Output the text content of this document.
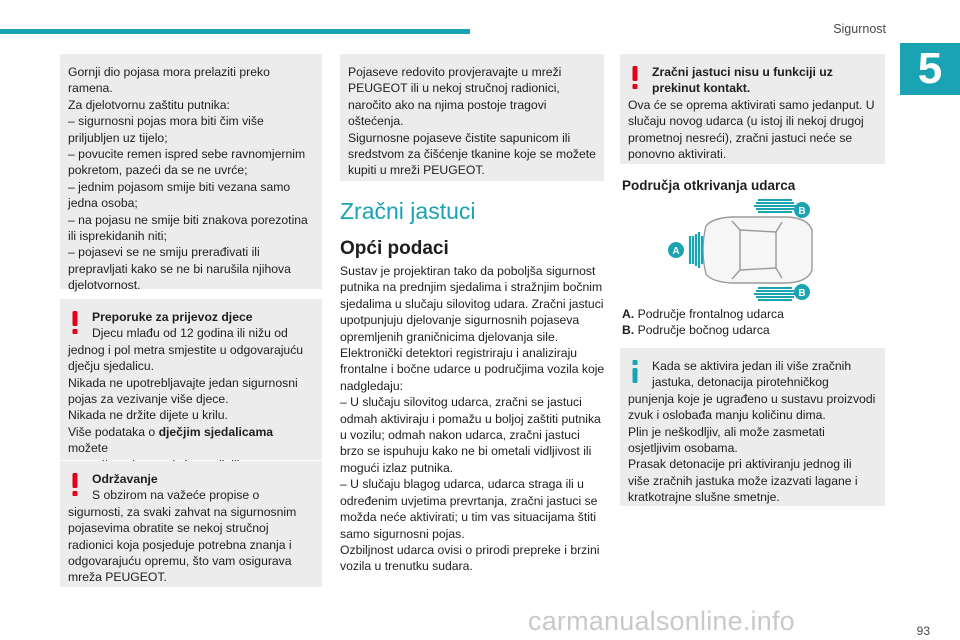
Sigurnost
5

Gornji dio pojasa mora prelaziti preko

ramena.

Za djelotvornu zaštitu putnika:

– sigurnosni pojas mora biti čim više

priljubljen uz tijelo;

– povucite remen ispred sebe ravnomjernim

pokretom, pazeći da se ne uvrće;

– jednim pojasom smije biti vezana samo

jedna osoba;

– na pojasu ne smije biti znakova porezotina

ili isprekidanih niti;

– pojasevi se ne smiju prerađivati ili

prepravljati kako se ne bi narušila njihova

djelotvornost.

Preporuke za prijevoz djece

Djecu mlađu od 12 godina ili nižu od

jednog i pol metra smjestite u odgovarajuću

dječju sjedalicu.

Nikada ne upotrebljavajte jedan sigurnosni

pojas za vezivanje više djece.

Nikada ne držite dijete u krilu.

Više podataka o dječjim sjedalicama možete

Održavanje

S obzirom na važeće propise o

sigurnosti, za svaki zahvat na sigurnosnim

pojasevima obratite se nekoj stručnoj

radionici koja posjeduje potrebna znanja i

odgovarajuću opremu, što vam osigurava

mreža PEUGEOT.

Pojaseve redovito provjeravajte u mreži

PEUGEOT ili u nekoj stručnoj radionici,

naročito ako na njima postoje tragovi

oštećenja.

Sigurnosne pojaseve čistite sapunicom ili

sredstvom za čišćenje tkanine koje se možete

kupiti u mreži PEUGEOT.

Zračni jastuci
Opći podaci

Sustav je projektiran tako da poboljša sigurnost

putnika na prednjim sjedalima i stražnjim bočnim

sjedalima u slučaju silovitog udara. Zračni jastuci

upotpunjuju djelovanje sigurnosnih pojaseva

opremljenih graničnicima djelovanja sile.

Elektronički detektori registriraju i analiziraju

frontalne i bočne udarce u područjima vozila koje

nadgledaju:

– U slučaju silovitog udarca, zračni se jastuci

odmah aktiviraju i pomažu u boljoj zaštiti putnika

u vozilu; odmah nakon udarca, zračni jastuci

brzo se ispuhuju kako ne bi ometali vidljivost ili

mogući izlaz putnika.

– U slučaju blagog udarca, udarca straga ili u

određenim uvjetima prevrtanja, zračni jastuci se

možda neće aktivirati; u tim vas situacijama štiti

samo sigurnosni pojas.

Ozbiljnost udarca ovisi o prirodi prepreke i brzini

vozila u trenutku sudara.

Zračni jastuci nisu u funkciji uz

prekinut kontakt.

Ova će se oprema aktivirati samo jedanput. U

slučaju novog udarca (u istoj ili nekoj drugoj

prometnoj nesreći), zračni jastuci neće se

ponovno aktivirati.

Područja otkrivanja udarca
A
B
B
A. Područje frontalnog udarca
B. Područje bočnog udarca

Kada se aktivira jedan ili više zračnih

jastuka, detonacija pirotehničkog

punjenja koje je ugrađeno u sustavu proizvodi

zvuk i oslobađa manju količinu dima.

Plin je neškodljiv, ali može zasmetati

osjetljivim osobama.

Prasak detonacije pri aktiviranju jednog ili

više zračnih jastuka može izazvati lagane i

kratkotrajne slušne smetnje.

carmanualsonline.info	93
